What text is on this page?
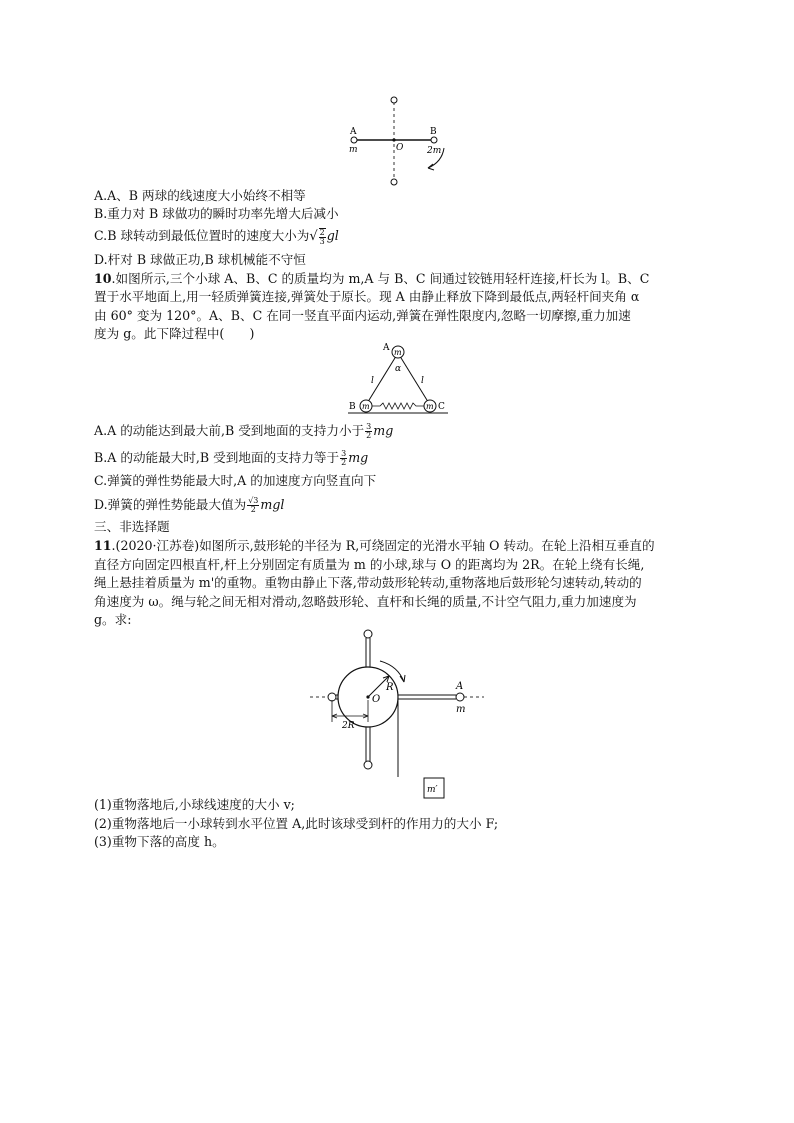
A
m	O
B
2m
A.A、B 两球的线速度大小始终不相等
B.重力对 B 球做功的瞬时功率先增大后减小
C.B 球转动到最低位置时的速度大小为√ $\frac{2}{3}$ gl
D.杆对 B 球做正功,B 球机械能不守恒
10.如图所示,三个小球 A、B、C 的质量均为 m,A 与 B、C 间通过铰链用轻杆连接,杆长为 l。B、C
置于水平地面上,用一轻质弹簧连接,弹簧处于原长。现 A 由静止释放下降到最低点,两轻杆间夹角 α
由 60° 变为 120°。A、B、C 在同一竖直平面内运动,弹簧在弹性限度内,忽略一切摩擦,重力加速
度为 g。此下降过程中(　　)
A m
α
l	l
B m	m C
A.A 的动能达到最大前,B 受到地面的支持力小于 $\frac{3}{2}$ mg
B.A 的动能最大时,B 受到地面的支持力等于 $\frac{3}{2}$ mg
C.弹簧的弹性势能最大时,A 的加速度方向竖直向下
D.弹簧的弹性势能最大值为 $\frac{√3}{2}$ mgl
三、非选择题
11.(2020·江苏卷)如图所示,鼓形轮的半径为 R,可绕固定的光滑水平轴 O 转动。在轮上沿相互垂直的
直径方向固定四根直杆,杆上分别固定有质量为 m 的小球,球与 O 的距离均为 2R。在轮上绕有长绳,
绳上悬挂着质量为 m'的重物。重物由静止下落,带动鼓形轮转动,重物落地后鼓形轮匀速转动,转动的
角速度为 ω。绳与轮之间无相对滑动,忽略鼓形轮、直杆和长绳的质量,不计空气阻力,重力加速度为
g。求:
O
R	A
m
2R
m′
(1)重物落地后,小球线速度的大小 v;
(2)重物落地后一小球转到水平位置 A,此时该球受到杆的作用力的大小 F;
(3)重物下落的高度 h。
